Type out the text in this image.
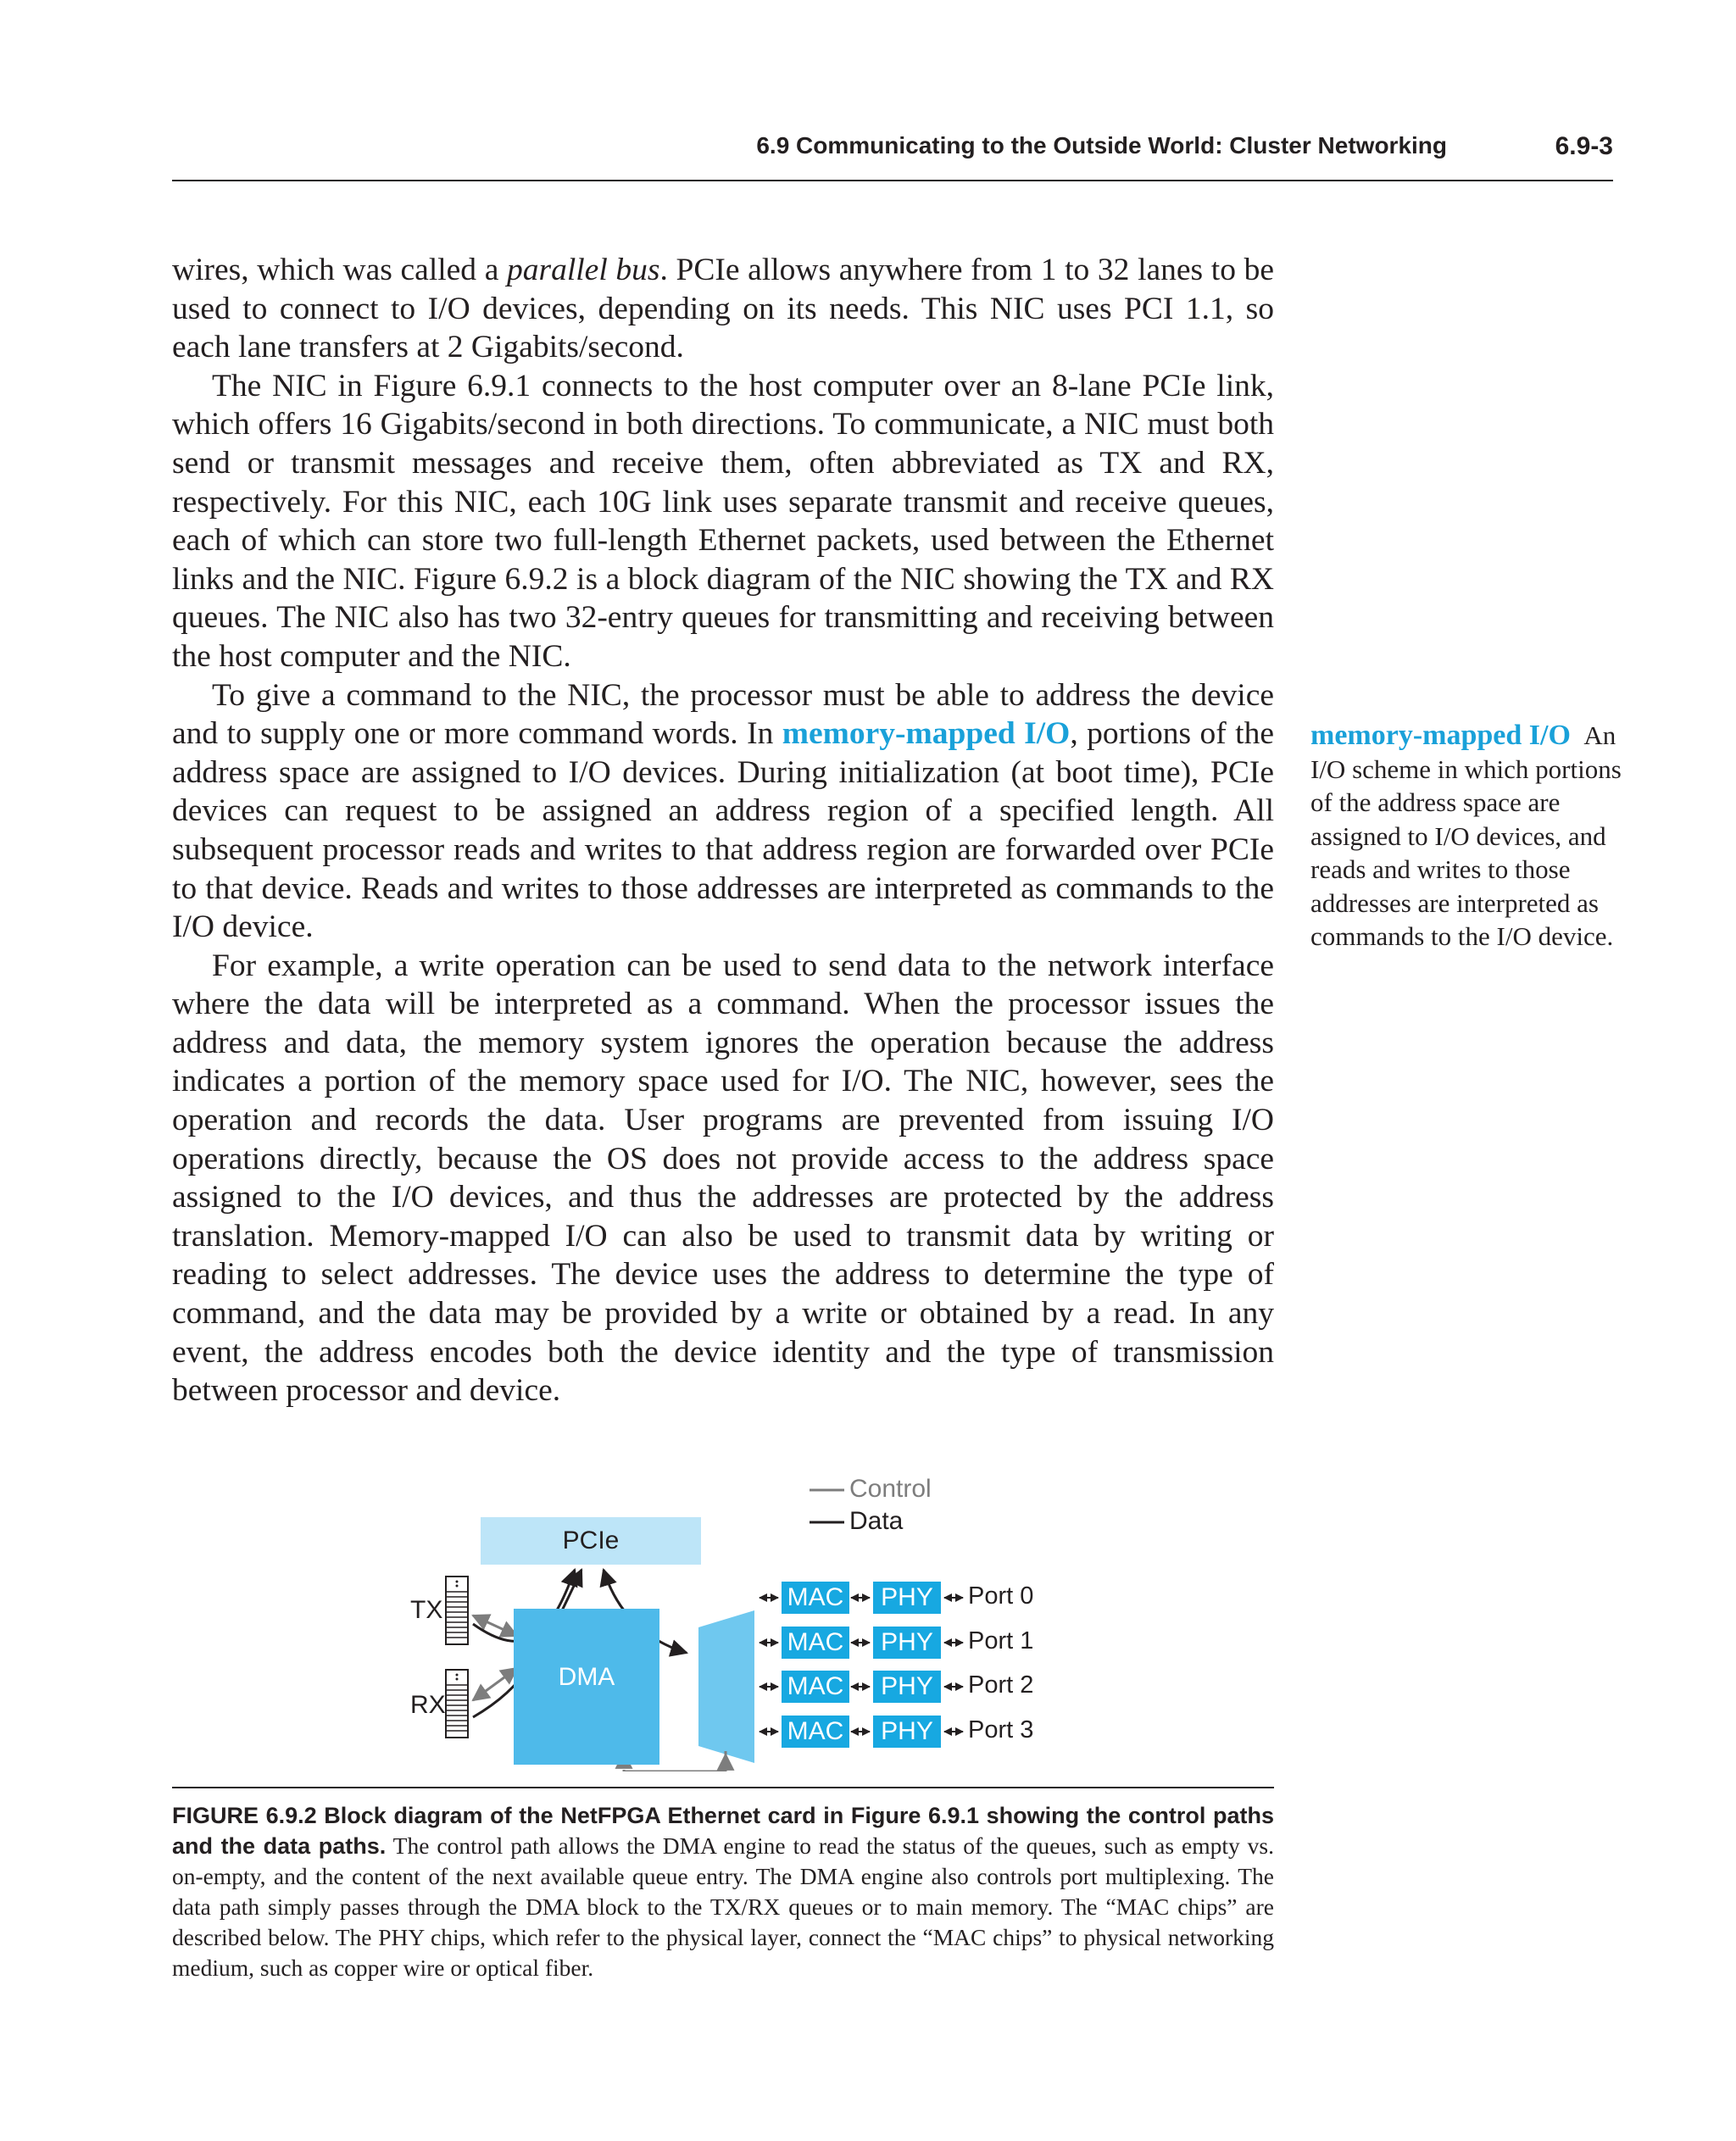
6.9 Communicating to the Outside World: Cluster Networking	6.9-3

wires, which was called a parallel bus. PCIe allows anywhere from 1 to 32 lanes to be used to connect to I/O devices, depending on its needs. This NIC uses PCI 1.1, so each lane transfers at 2 Gigabits/second.

The NIC in Figure 6.9.1 connects to the host computer over an 8-lane PCIe link, which offers 16 Gigabits/second in both directions. To communicate, a NIC must both send or transmit messages and receive them, often abbreviated as TX and RX, respectively. For this NIC, each 10G link uses separate transmit and receive queues, each of which can store two full-length Ethernet packets, used between the Ethernet links and the NIC. Figure 6.9.2 is a block diagram of the NIC showing the TX and RX queues. The NIC also has two 32-entry queues for transmitting and receiving between the host computer and the NIC.

To give a command to the NIC, the processor must be able to address the device and to supply one or more command words. In memory-mapped I/O, portions of the address space are assigned to I/O devices. During initialization (at boot time), PCIe devices can request to be assigned an address region of a specified length. All subsequent processor reads and writes to that address region are forwarded over PCIe to that device. Reads and writes to those addresses are interpreted as commands to the I/O device.

For example, a write operation can be used to send data to the network interface where the data will be interpreted as a command. When the processor issues the address and data, the memory system ignores the operation because the address indicates a portion of the memory space used for I/O. The NIC, however, sees the operation and records the data. User programs are prevented from issuing I/O operations directly, because the OS does not provide access to the address space assigned to the I/O devices, and thus the addresses are protected by the address translation. Memory-mapped I/O can also be used to transmit data by writing or reading to select addresses. The device uses the address to determine the type of command, and the data may be provided by a write or obtained by a read. In any event, the address encodes both the device identity and the type of transmission between processor and device.

memory-mapped I/O An I/O scheme in which portions of the address space are assigned to I/O devices, and reads and writes to those addresses are interpreted as commands to the I/O device.
Control
Data
PCIe
DMA
TX
RX
MAC
MAC
MAC
MAC
PHY
PHY
PHY
PHY
Port 0
Port 1
Port 2
Port 3
FIGURE 6.9.2 Block diagram of the NetFPGA Ethernet card in Figure 6.9.1 showing the control paths and the data paths. The control path allows the DMA engine to read the status of the queues, such as empty vs. on-empty, and the content of the next available queue entry. The DMA engine also controls port multiplexing. The data path simply passes through the DMA block to the TX/RX queues or to main memory. The “MAC chips” are described below. The PHY chips, which refer to the physical layer, connect the “MAC chips” to physical networking medium, such as copper wire or optical fiber.
